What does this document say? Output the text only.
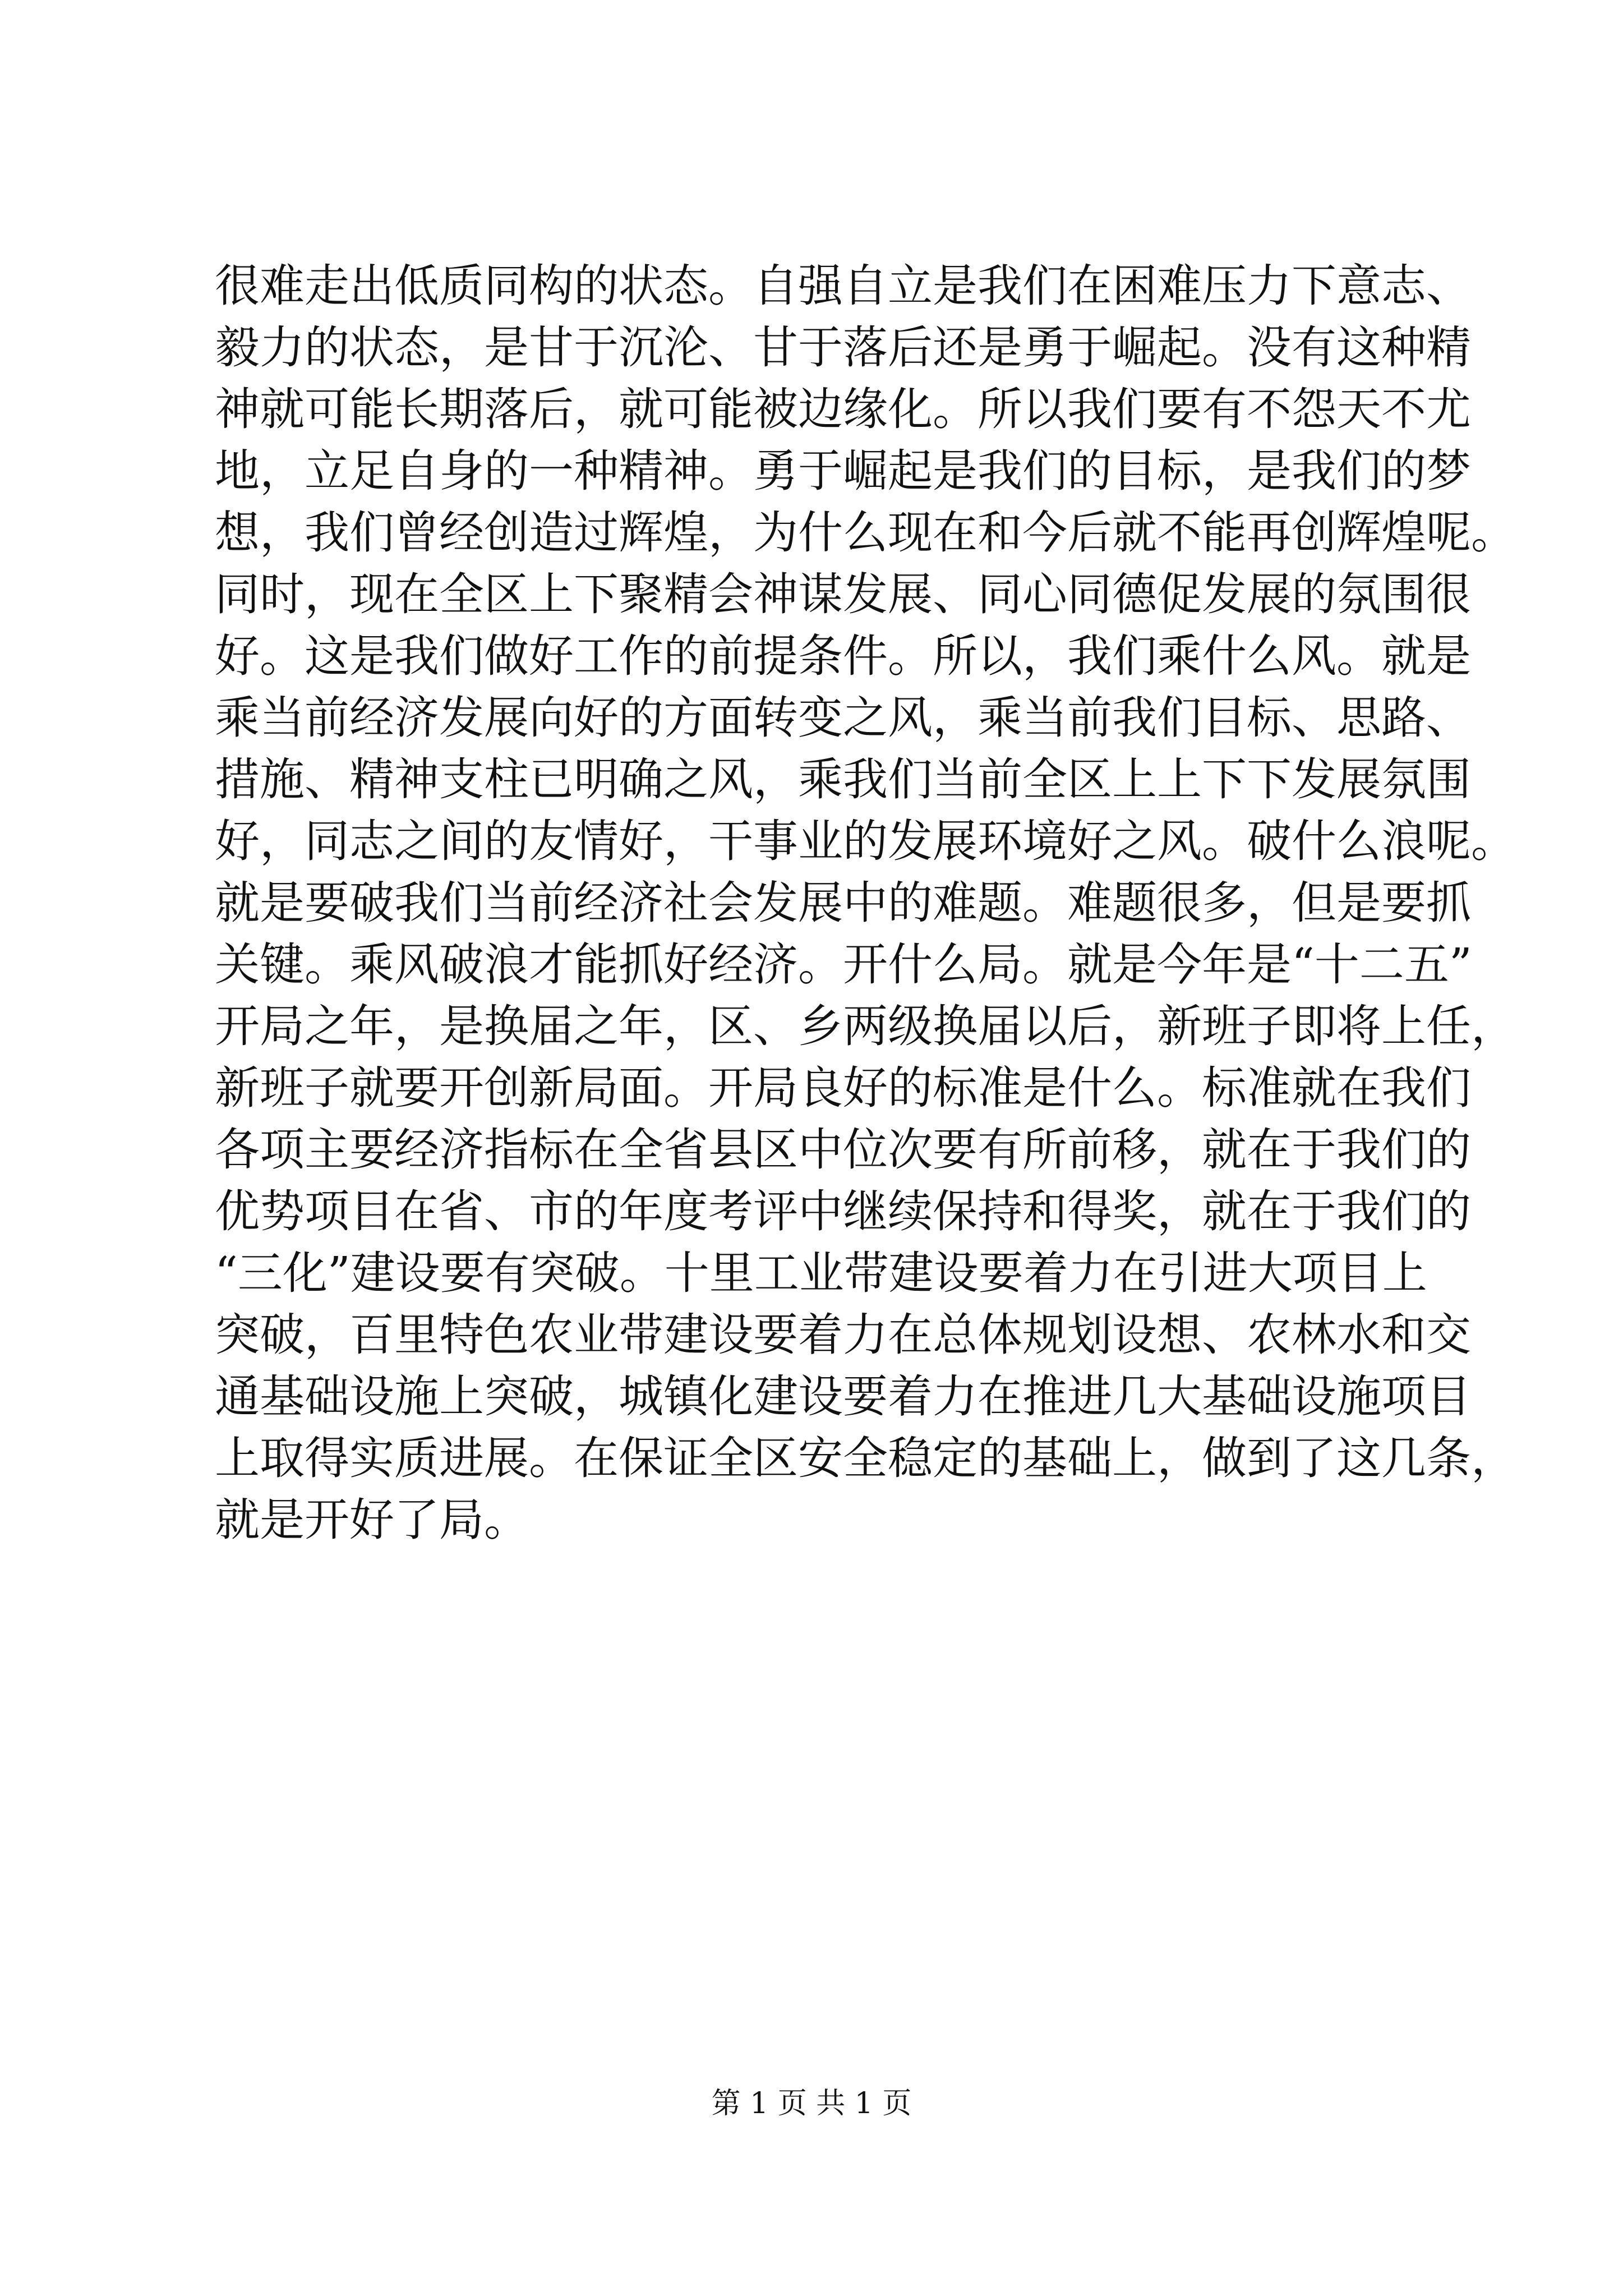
很难走出低质同构的状态。自强自立是我们在困难压力下意志、
毅力的状态，是甘于沉沦、甘于落后还是勇于崛起。没有这种精
神就可能长期落后，就可能被边缘化。所以我们要有不怨天不尤
地，立足自身的一种精神。勇于崛起是我们的目标，是我们的梦
想，我们曾经创造过辉煌，为什么现在和今后就不能再创辉煌呢。
同时，现在全区上下聚精会神谋发展、同心同德促发展的氛围很
好。这是我们做好工作的前提条件。所以，我们乘什么风。就是
乘当前经济发展向好的方面转变之风，乘当前我们目标、思路、
措施、精神支柱已明确之风，乘我们当前全区上上下下发展氛围
好，同志之间的友情好，干事业的发展环境好之风。破什么浪呢。
就是要破我们当前经济社会发展中的难题。难题很多，但是要抓
关键。乘风破浪才能抓好经济。开什么局。就是今年是“十二五”
开局之年，是换届之年，区、乡两级换届以后，新班子即将上任，
新班子就要开创新局面。开局良好的标准是什么。标准就在我们
各项主要经济指标在全省县区中位次要有所前移，就在于我们的
优势项目在省、市的年度考评中继续保持和得奖，就在于我们的
“三化”建设要有突破。十里工业带建设要着力在引进大项目上
突破，百里特色农业带建设要着力在总体规划设想、农林水和交
通基础设施上突破，城镇化建设要着力在推进几大基础设施项目
上取得实质进展。在保证全区安全稳定的基础上，做到了这几条，
就是开好了局。
第 1 页 共 1 页
